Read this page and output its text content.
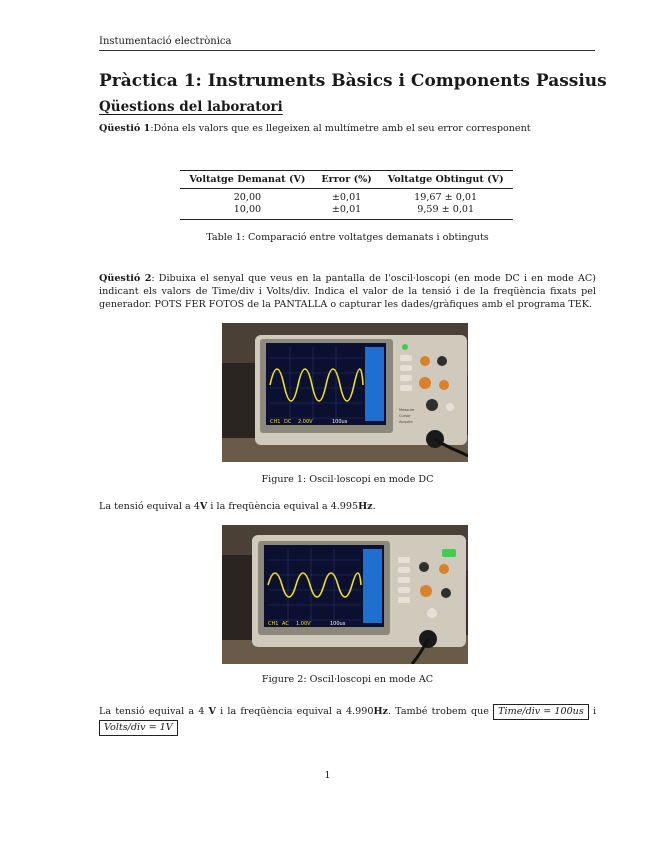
Instumentació electrònica
Pràctica 1: Instruments Bàsics i Components Passius
Qüestions del laboratori
Qüestió 1:Dóna els valors que es llegeixen al multímetre amb el seu error corresponent
Voltatge Demanat (V)	Error (%)	Voltatge Obtingut (V)
20,00	±0,01	19,67 ± 0,01
10,00	±0,01	9,59 ± 0,01
Table 1: Comparació entre voltatges demanats i obtinguts
Qüestió 2: Dibuixa el senyal que veus en la pantalla de l'oscil·loscopi (en mode DC i en mode AC) indicant els valors de Time/div i Volts/div. Indica el valor de la tensió i de la freqüència fixats pel generador. POTS FER FOTOS de la PANTALLA o capturar les dades/gràfiques amb el programa TEK.
CH1 DC 2.00V	100us
Measure
Cursor
Acquire
Figure 1: Oscil·loscopi en mode DC
La tensió equival a 4V i la freqüència equival a 4.995Hz.
CH1 AC 1.00V	100us
Figure 2: Oscil·loscopi en mode AC
La tensió equival a 4 V i la freqüència equival a 4.990Hz. També trobem que Time/div = 100us i Volts/div = 1V
1
